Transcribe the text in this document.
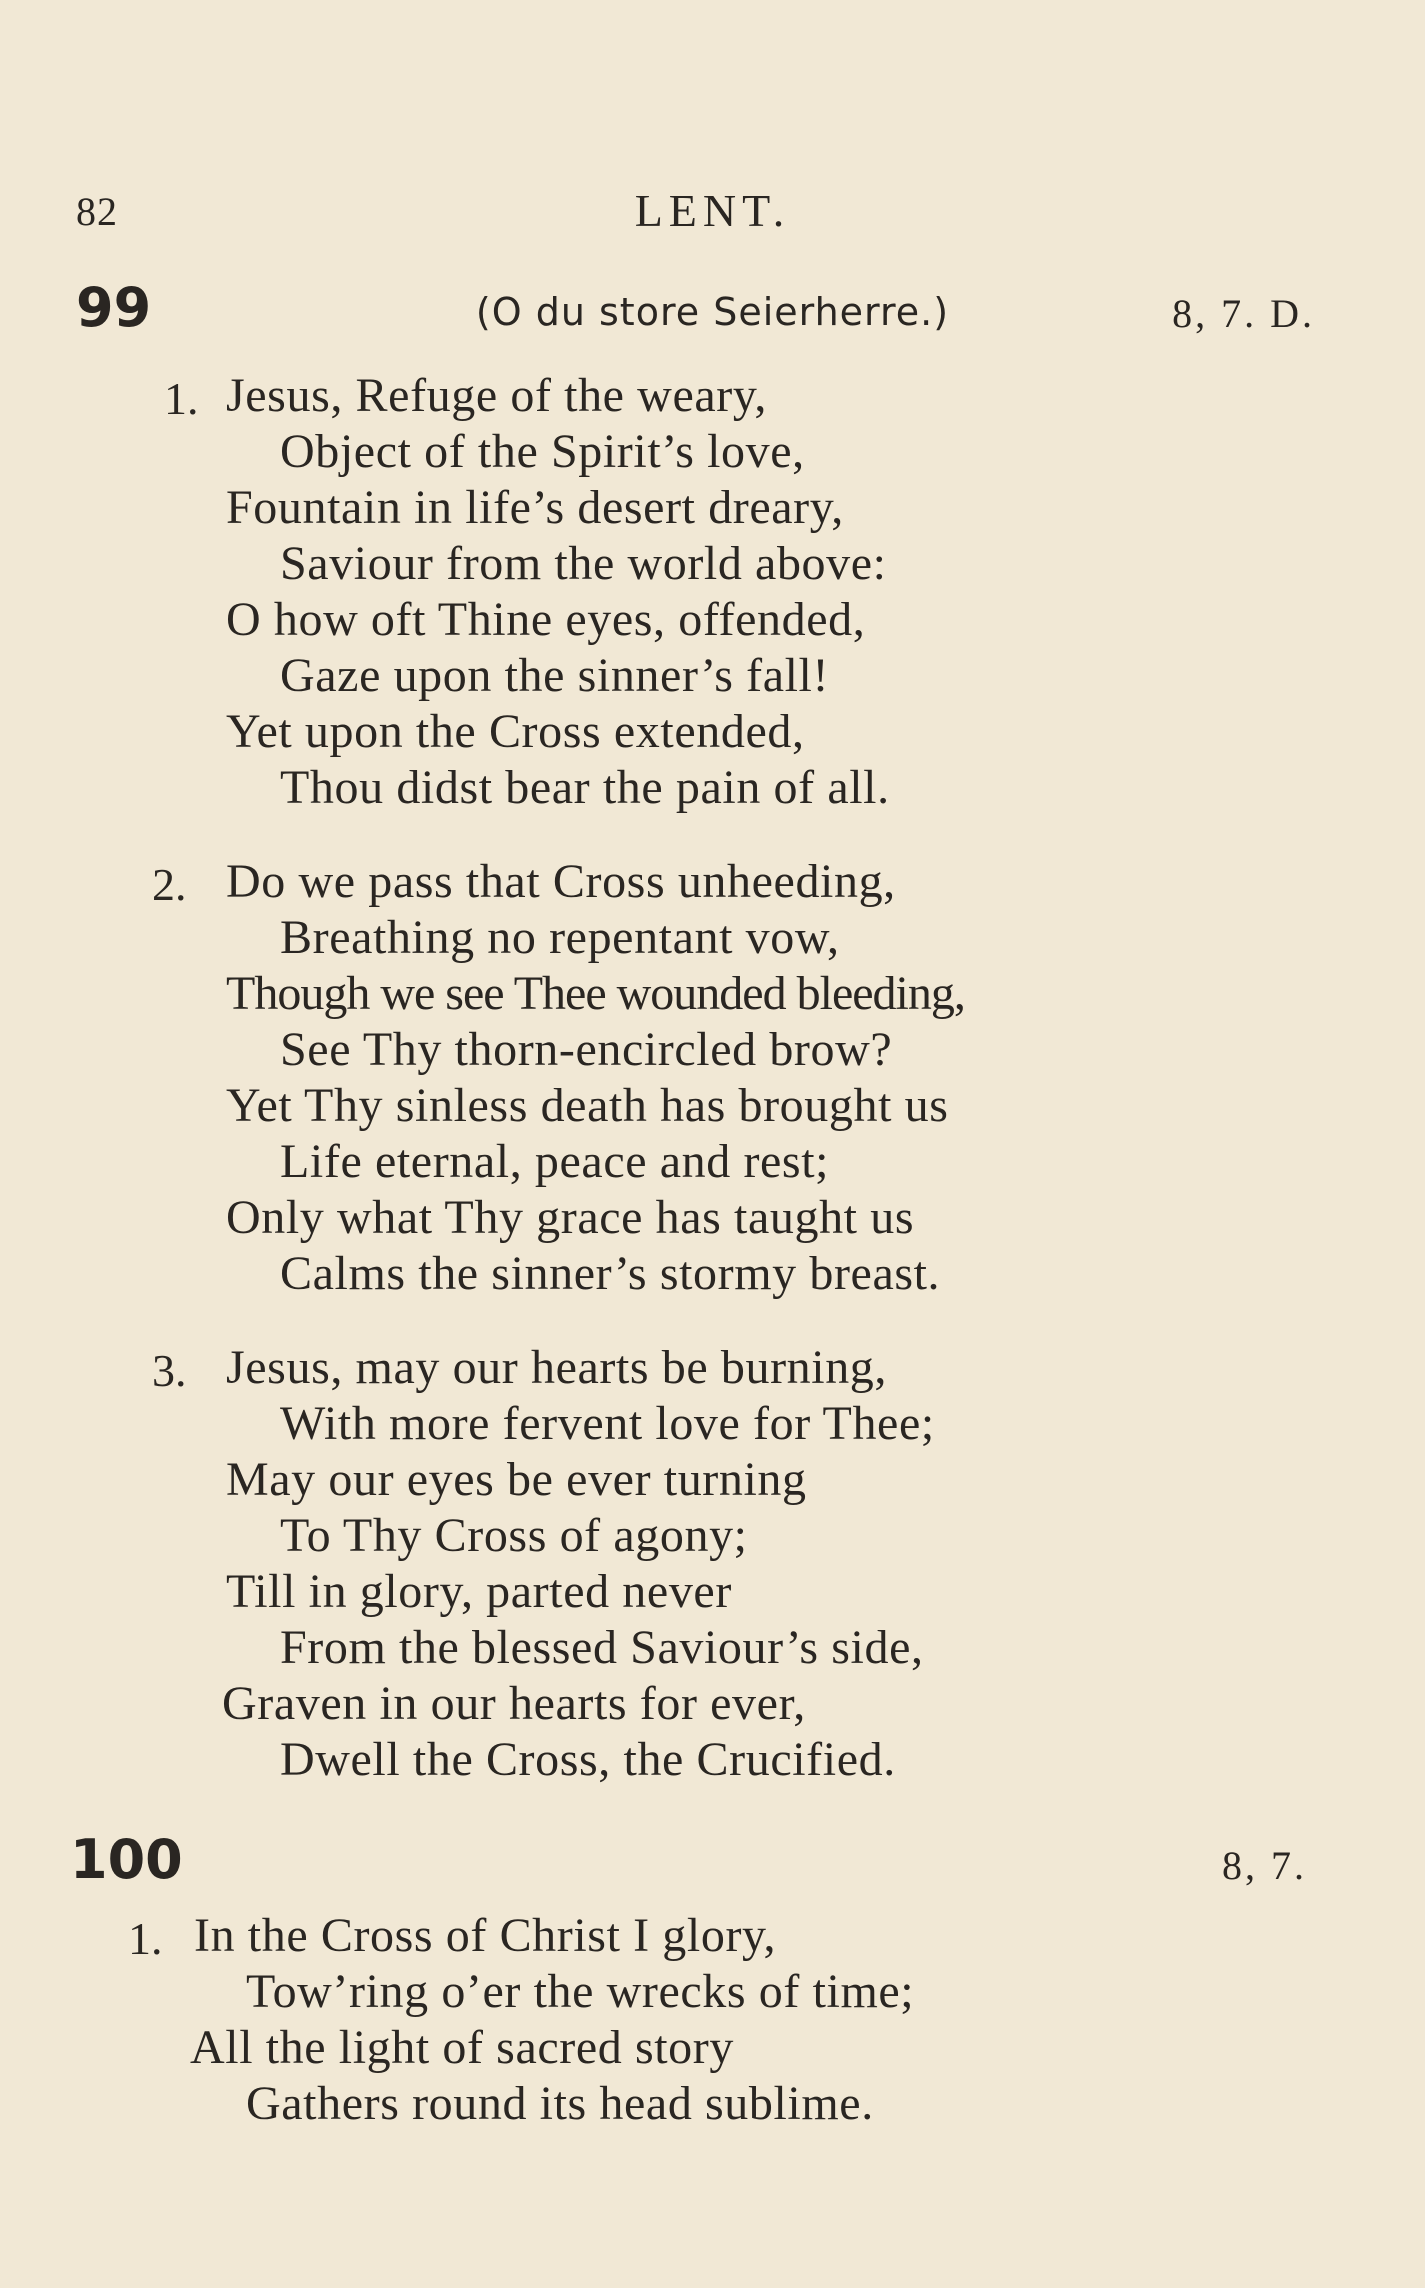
82	LENT.
99	(O du store Seierherre.)	8, 7. D.
1. Jesus, Refuge of the weary,
Object of the Spirit’s love,
Fountain in life’s desert dreary,
Saviour from the world above:
O how oft Thine eyes, offended,
Gaze upon the sinner’s fall!
Yet upon the Cross extended,
Thou didst bear the pain of all.
2. Do we pass that Cross unheeding,
Breathing no repentant vow,
Though we see Thee wounded bleeding,
See Thy thorn-encircled brow?
Yet Thy sinless death has brought us
Life eternal, peace and rest;
Only what Thy grace has taught us
Calms the sinner’s stormy breast.
3. Jesus, may our hearts be burning,
With more fervent love for Thee;
May our eyes be ever turning
To Thy Cross of agony;
Till in glory, parted never
From the blessed Saviour’s side,
Graven in our hearts for ever,
Dwell the Cross, the Crucified.
100	8, 7.
1. In the Cross of Christ I glory,
Tow’ring o’er the wrecks of time;
All the light of sacred story
Gathers round its head sublime.
